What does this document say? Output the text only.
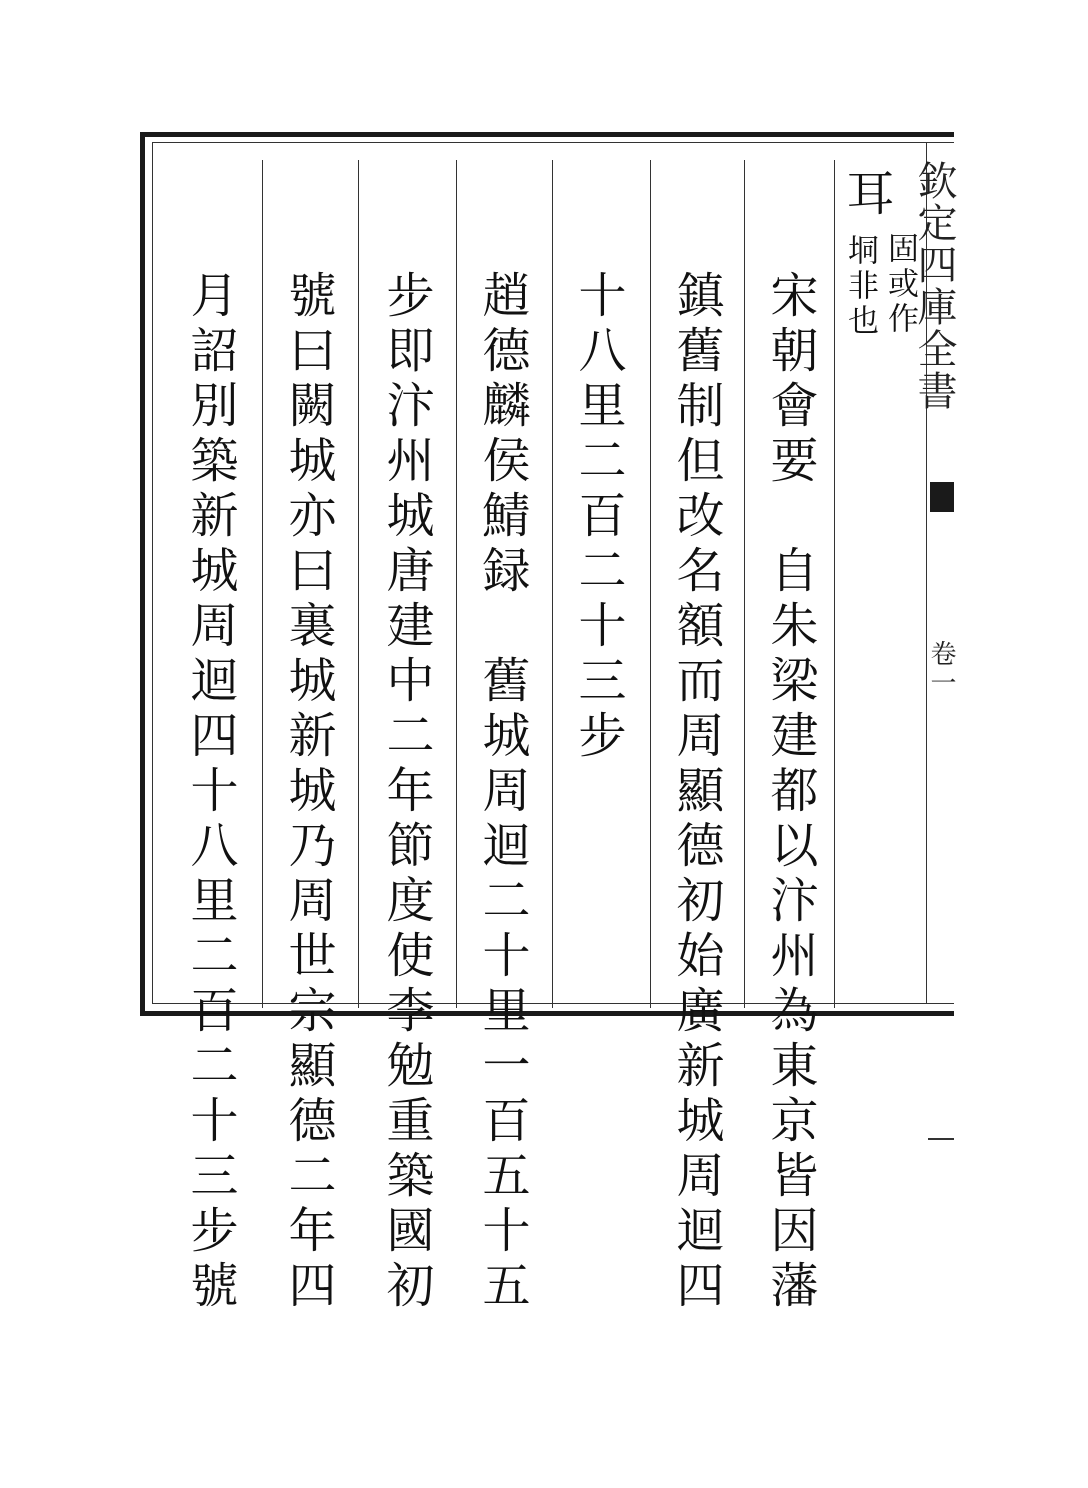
欽定四庫全書
卷一
耳
固或作
垌非也
宋朝會要　自朱梁建都以汴州為東京皆因藩
鎮舊制但改名額而周顯德初始廣新城周迴四
十八里二百二十三步
趙德麟侯鯖録　舊城周迴二十里一百五十五
步即汴州城唐建中二年節度使李勉重築國初
號曰闕城亦曰裏城新城乃周世宗顯德二年四
月詔別築新城周迴四十八里二百二十三步號
